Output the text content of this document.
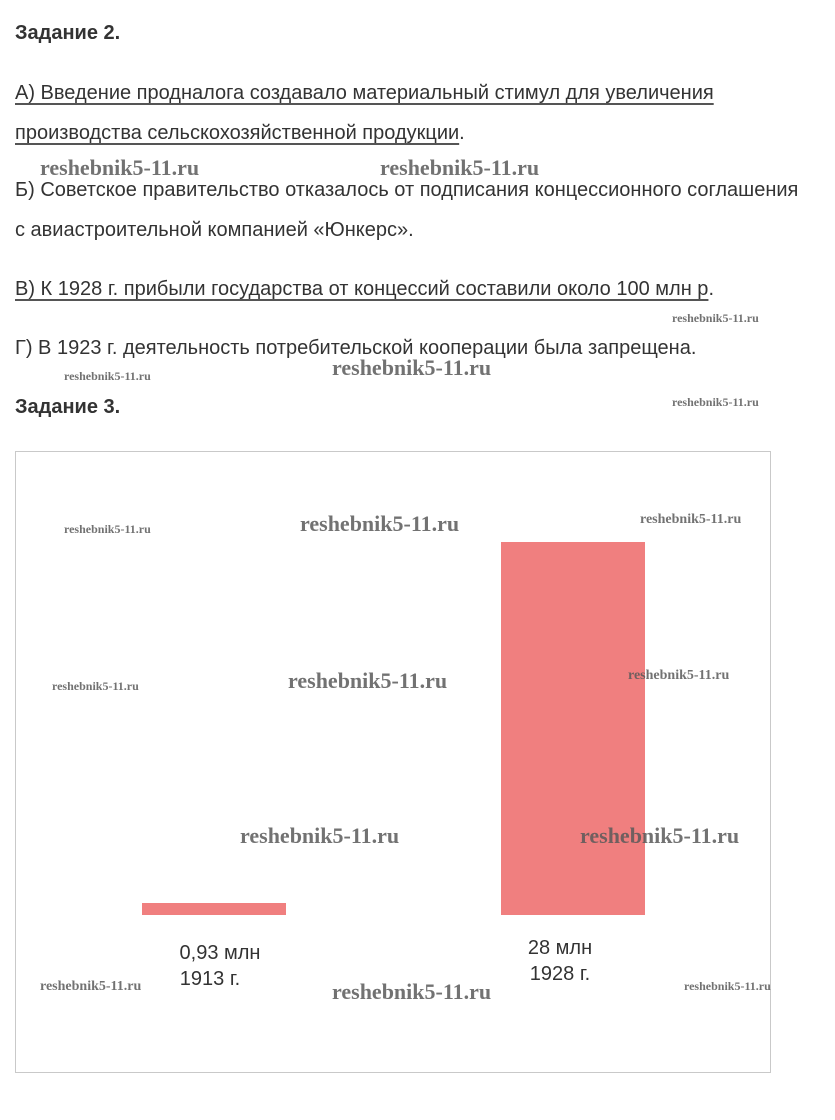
Задание 2.
А) Введение продналога создавало материальный стимул для увеличения производства сельскохозяйственной продукции.
Б) Советское правительство отказалось от подписания концессионного соглашения с авиастроительной компанией «Юнкерс».
В) К 1928 г. прибыли государства от концессий составили около 100 млн р.
Г) В 1923 г. деятельность потребительской кооперации была запрещена.
Задание 3.
0,93 млн
1913 г.
28 млн
1928 г.
reshebnik5-11.ru	reshebnik5-11.ru
reshebnik5-11.ru
reshebnik5-11.ru	reshebnik5-11.ru
reshebnik5-11.ru
reshebnik5-11.ru	reshebnik5-11.ru	reshebnik5-11.ru
reshebnik5-11.ru	reshebnik5-11.ru	reshebnik5-11.ru
reshebnik5-11.ru	reshebnik5-11.ru
reshebnik5-11.ru	reshebnik5-11.ru	reshebnik5-11.ru
